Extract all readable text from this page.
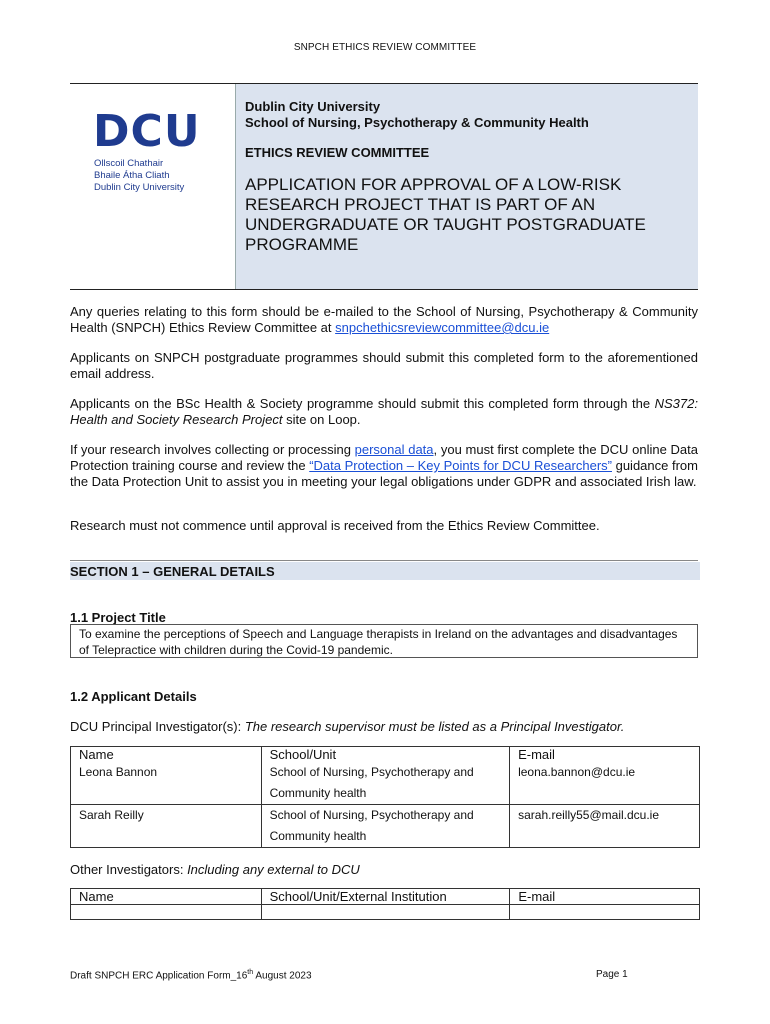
SNPCH ETHICS REVIEW COMMITTEE
DCU
Ollscoil Chathair
Bhaile Átha Cliath
Dublin City University
Dublin City University
School of Nursing, Psychotherapy & Community Health
ETHICS REVIEW COMMITTEE
APPLICATION FOR APPROVAL OF A LOW-RISK RESEARCH PROJECT THAT IS PART OF AN UNDERGRADUATE OR TAUGHT POSTGRADUATE PROGRAMME

Any queries relating to this form should be e-mailed to the School of Nursing, Psychotherapy & Community Health (SNPCH) Ethics Review Committee at snpchethicsreviewcommittee@dcu.ie

Applicants on SNPCH postgraduate programmes should submit this completed form to the aforementioned email address.

Applicants on the BSc Health & Society programme should submit this completed form through the NS372: Health and Society Research Project site on Loop.

If your research involves collecting or processing personal data, you must first complete the DCU online Data Protection training course and review the “Data Protection – Key Points for DCU Researchers” guidance from the Data Protection Unit to assist you in meeting your legal obligations under GDPR and associated Irish law.

Research must not commence until approval is received from the Ethics Review Committee.

SECTION 1 – GENERAL DETAILS
1.1 Project Title
To examine the perceptions of Speech and Language therapists in Ireland on the advantages and disadvantages of Telepractice with children during the Covid-19 pandemic.
1.2 Applicant Details
DCU Principal Investigator(s): The research supervisor must be listed as a Principal Investigator.
Name	School/Unit	E-mail
Leona Bannon	School of Nursing, Psychotherapy and Community health	leona.bannon@dcu.ie
Sarah Reilly	School of Nursing, Psychotherapy and Community health	sarah.reilly55@mail.dcu.ie
Other Investigators: Including any external to DCU
Name	School/Unit/External Institution	E-mail

Draft SNPCH ERC Application Form_16th August 2023	Page 1
